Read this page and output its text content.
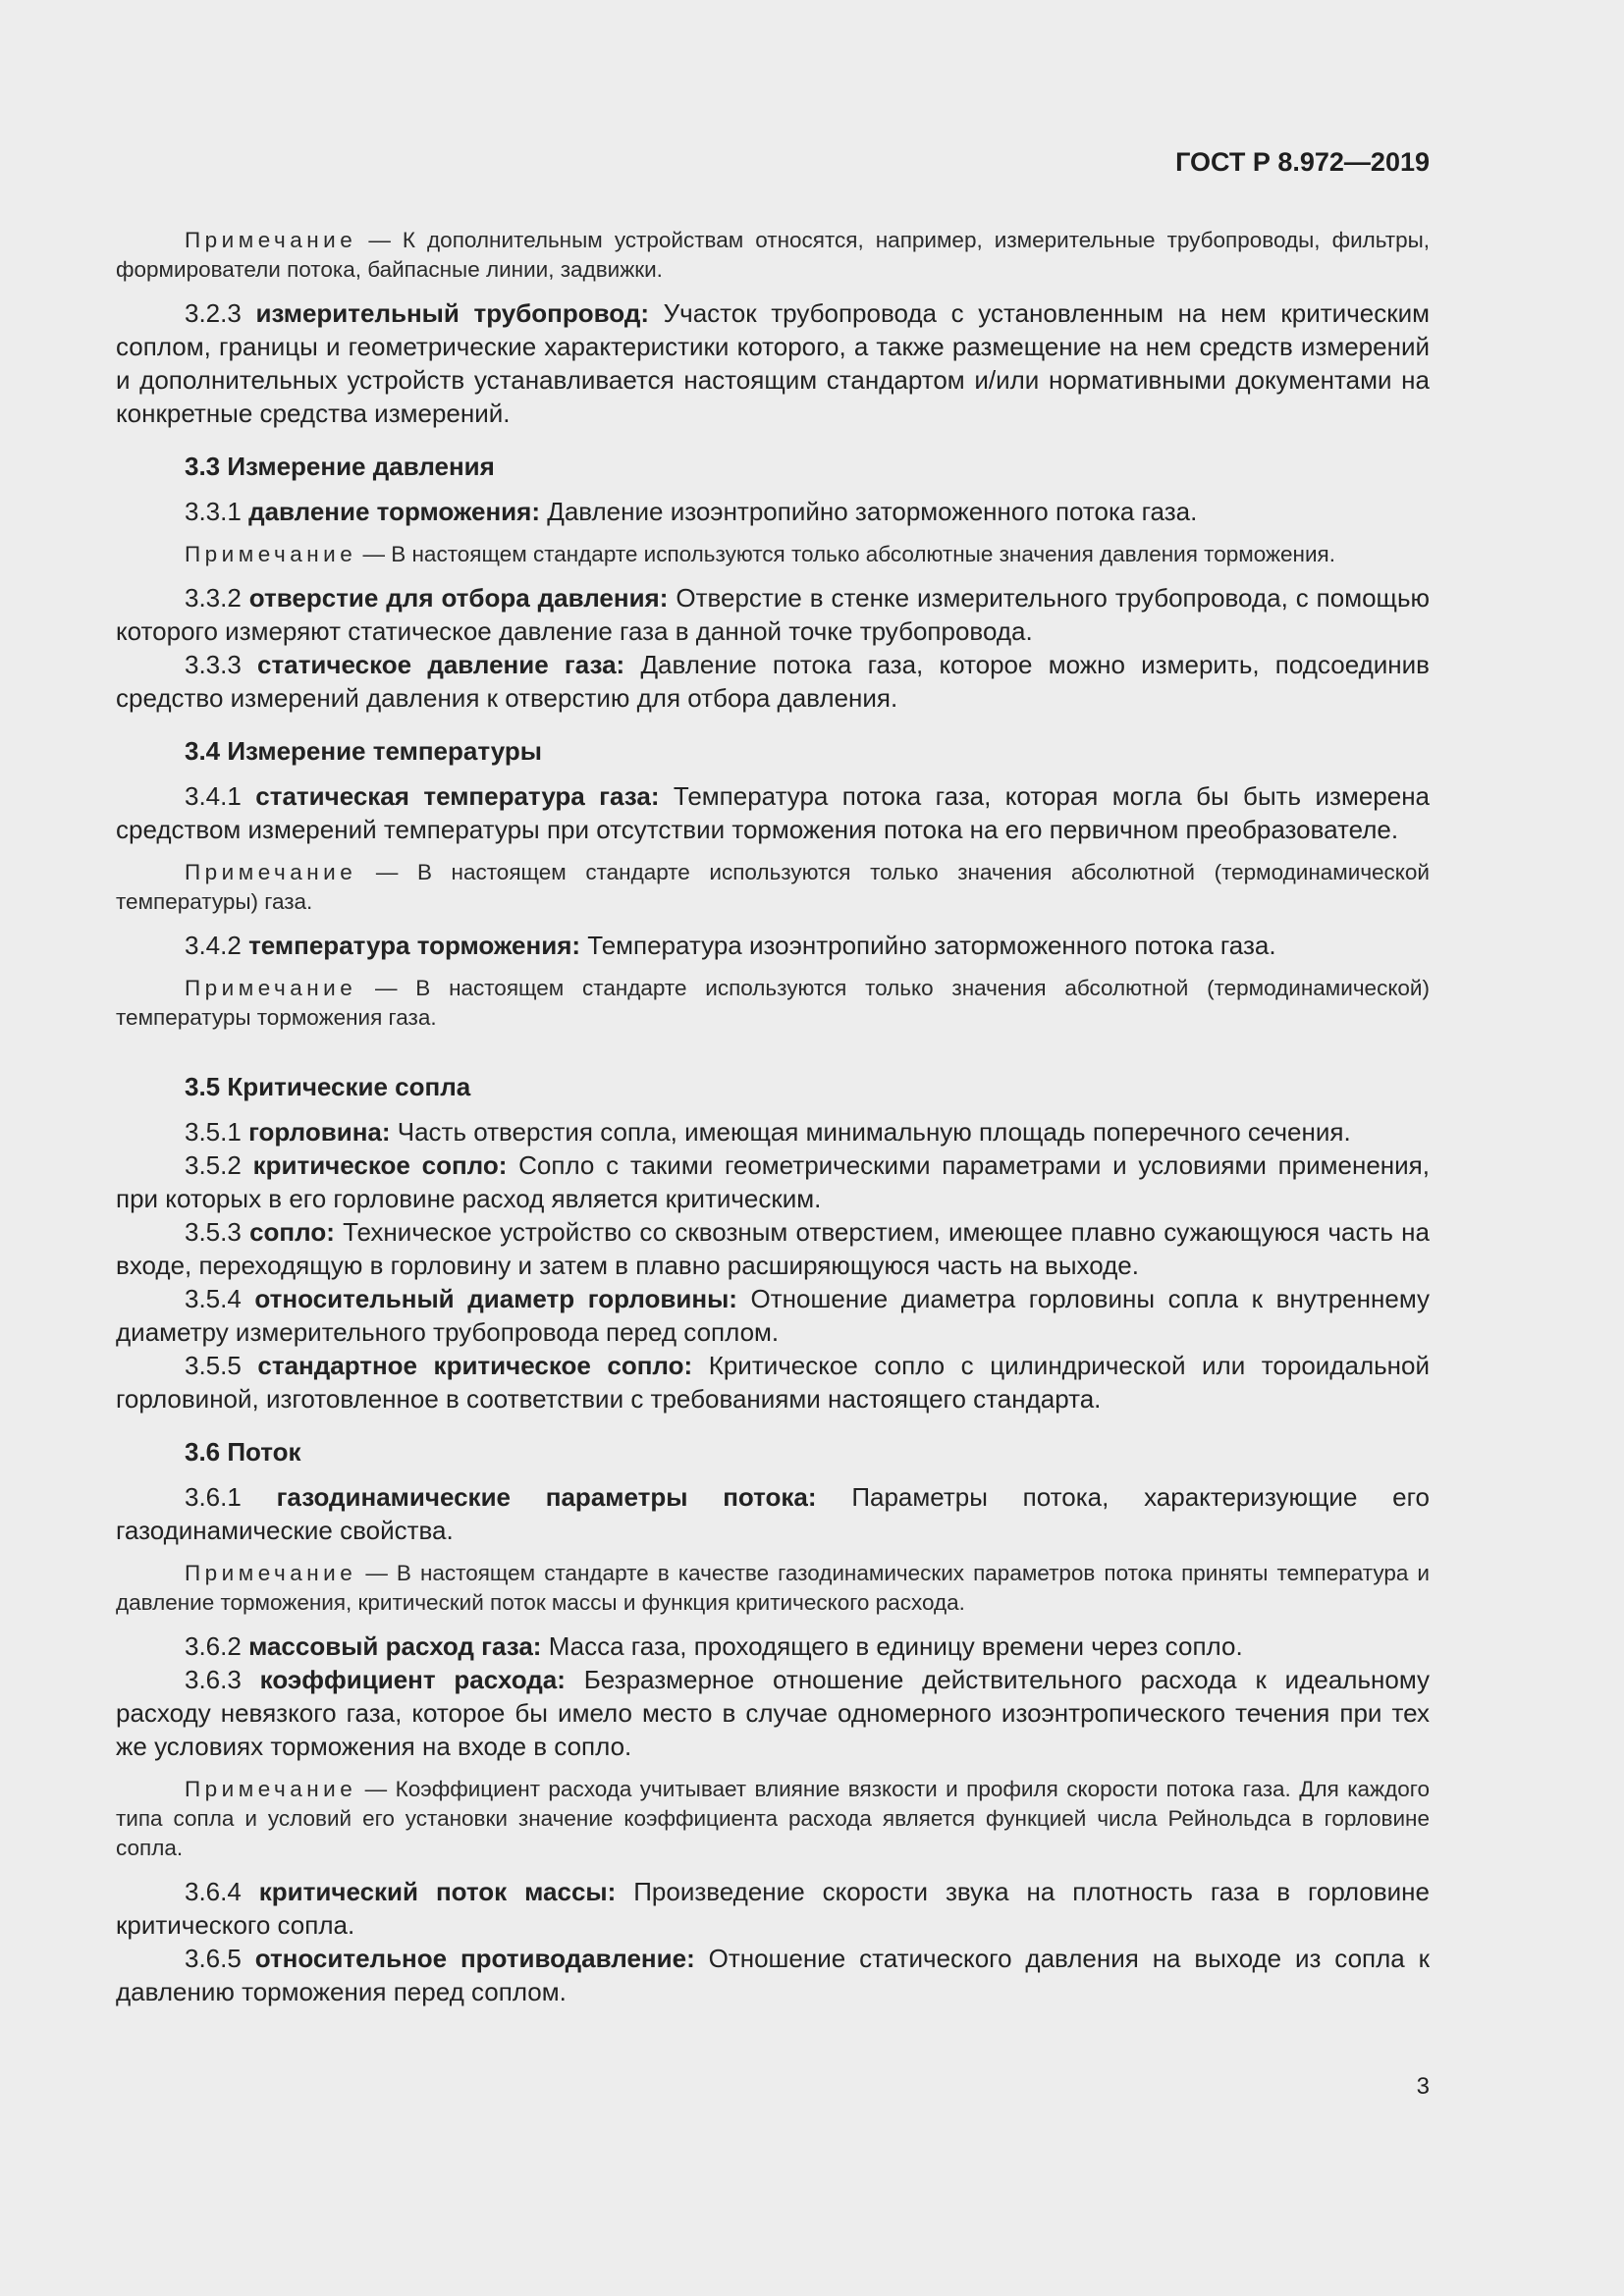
ГОСТ Р 8.972—2019

Примечание — К дополнительным устройствам относятся, например, измерительные трубопроводы, фильтры, формирователи потока, байпасные линии, задвижки.

3.2.3 измерительный трубопровод: Участок трубопровода с установленным на нем критическим соплом, границы и геометрические характеристики которого, а также размещение на нем средств измерений и дополнительных устройств устанавливается настоящим стандартом и/или нормативными документами на конкретные средства измерений.

3.3 Измерение давления

3.3.1 давление торможения: Давление изоэнтропийно заторможенного потока газа.

Примечание — В настоящем стандарте используются только абсолютные значения давления торможения.

3.3.2 отверстие для отбора давления: Отверстие в стенке измерительного трубопровода, с помощью которого измеряют статическое давление газа в данной точке трубопровода.

3.3.3 статическое давление газа: Давление потока газа, которое можно измерить, подсоединив средство измерений давления к отверстию для отбора давления.

3.4 Измерение температуры

3.4.1 статическая температура газа: Температура потока газа, которая могла бы быть измерена средством измерений температуры при отсутствии торможения потока на его первичном преобразователе.

Примечание — В настоящем стандарте используются только значения абсолютной (термодинамической температуры) газа.

3.4.2 температура торможения: Температура изоэнтропийно заторможенного потока газа.

Примечание — В настоящем стандарте используются только значения абсолютной (термодинамической) температуры торможения газа.

3.5 Критические сопла

3.5.1 горловина: Часть отверстия сопла, имеющая минимальную площадь поперечного сечения.

3.5.2 критическое сопло: Сопло с такими геометрическими параметрами и условиями применения, при которых в его горловине расход является критическим.

3.5.3 сопло: Техническое устройство со сквозным отверстием, имеющее плавно сужающуюся часть на входе, переходящую в горловину и затем в плавно расширяющуюся часть на выходе.

3.5.4 относительный диаметр горловины: Отношение диаметра горловины сопла к внутреннему диаметру измерительного трубопровода перед соплом.

3.5.5 стандартное критическое сопло: Критическое сопло с цилиндрической или тороидальной горловиной, изготовленное в соответствии с требованиями настоящего стандарта.

3.6 Поток

3.6.1 газодинамические параметры потока: Параметры потока, характеризующие его газодинамические свойства.

Примечание — В настоящем стандарте в качестве газодинамических параметров потока приняты температура и давление торможения, критический поток массы и функция критического расхода.

3.6.2 массовый расход газа: Масса газа, проходящего в единицу времени через сопло.

3.6.3 коэффициент расхода: Безразмерное отношение действительного расхода к идеальному расходу невязкого газа, которое бы имело место в случае одномерного изоэнтропического течения при тех же условиях торможения на входе в сопло.

Примечание — Коэффициент расхода учитывает влияние вязкости и профиля скорости потока газа. Для каждого типа сопла и условий его установки значение коэффициента расхода является функцией числа Рейнольдса в горловине сопла.

3.6.4 критический поток массы: Произведение скорости звука на плотность газа в горловине критического сопла.

3.6.5 относительное противодавление: Отношение статического давления на выходе из сопла к давлению торможения перед соплом.

3
